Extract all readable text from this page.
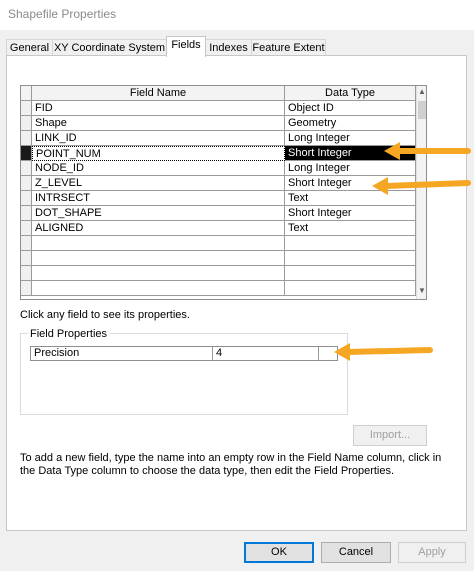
Shapefile Properties
General XY Coordinate System Fields Indexes Feature Extent
Field Name	Data Type
FID	Object ID
Shape	Geometry
LINK_ID	Long Integer
POINT_NUM	Short Integer
NODE_ID	Long Integer
Z_LEVEL	Short Integer
INTRSECT	Text
DOT_SHAPE	Short Integer
ALIGNED	Text
▲
▼
Click any field to see its properties.
Field Properties
Precision	4
Import...
To add a new field, type the name into an empty row in the Field Name column, click in the Data Type column to choose the data type, then edit the Field Properties.
OK	Cancel	Apply
